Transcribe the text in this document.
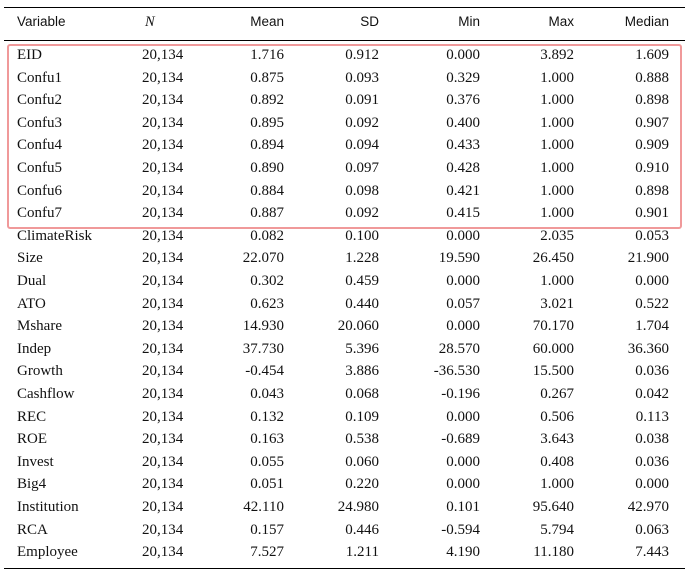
Variable	N	Mean	SD	Min	Max	Median
EID	20,134	1.716	0.912	0.000	3.892	1.609
Confu1	20,134	0.875	0.093	0.329	1.000	0.888
Confu2	20,134	0.892	0.091	0.376	1.000	0.898
Confu3	20,134	0.895	0.092	0.400	1.000	0.907
Confu4	20,134	0.894	0.094	0.433	1.000	0.909
Confu5	20,134	0.890	0.097	0.428	1.000	0.910
Confu6	20,134	0.884	0.098	0.421	1.000	0.898
Confu7	20,134	0.887	0.092	0.415	1.000	0.901
ClimateRisk	20,134	0.082	0.100	0.000	2.035	0.053
Size	20,134	22.070	1.228	19.590	26.450	21.900
Dual	20,134	0.302	0.459	0.000	1.000	0.000
ATO	20,134	0.623	0.440	0.057	3.021	0.522
Mshare	20,134	14.930	20.060	0.000	70.170	1.704
Indep	20,134	37.730	5.396	28.570	60.000	36.360
Growth	20,134	-0.454	3.886	-36.530	15.500	0.036
Cashflow	20,134	0.043	0.068	-0.196	0.267	0.042
REC	20,134	0.132	0.109	0.000	0.506	0.113
ROE	20,134	0.163	0.538	-0.689	3.643	0.038
Invest	20,134	0.055	0.060	0.000	0.408	0.036
Big4	20,134	0.051	0.220	0.000	1.000	0.000
Institution	20,134	42.110	24.980	0.101	95.640	42.970
RCA	20,134	0.157	0.446	-0.594	5.794	0.063
Employee	20,134	7.527	1.211	4.190	11.180	7.443
